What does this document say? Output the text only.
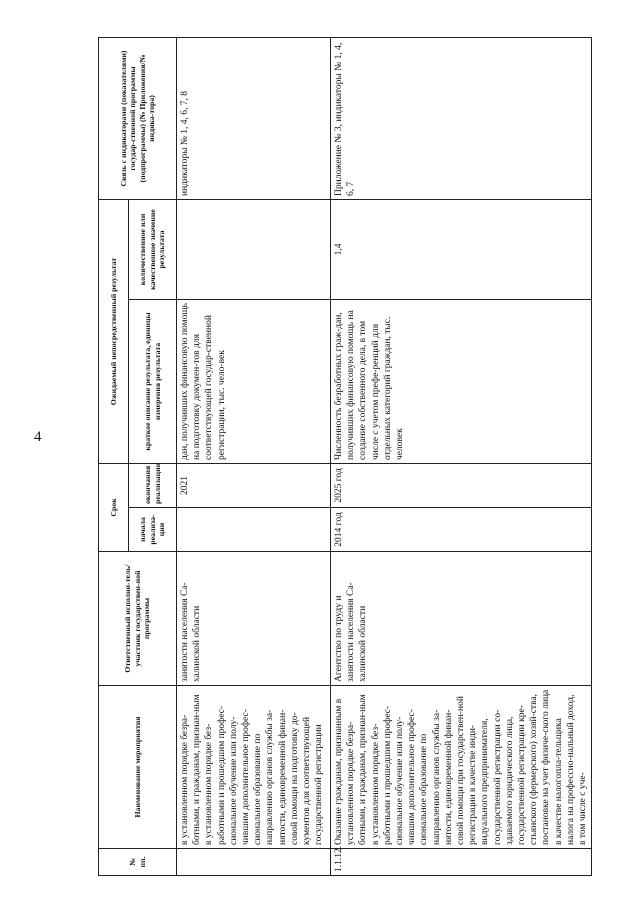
4
№ пп.	Наименование мероприятия	Ответственный исполни-тель/участник государствен-ной программы	Срок		Ожидаемый непосредственный результат		Связь с индикаторами (показателями) государ-ственной программы (подпрограммы) (№ Приложения/№ индика-тора)
			начала реализа-ции	окончания реализации	краткое описание результата, единицы измерения результата	количественное или качественное значение результата	
	в установленном порядке безра-ботными, и гражданам, признан-ным в установленном порядке без-работными и прошедшим профес-сиональное обучение или полу-чившим дополнительное профес-сиональное образование по направлению органов службы за-нятости, единовременной финан-совой помощи на подготовку до-кументов для соответствующей государственной регистрации	занятости населения Са-халинской области		2021	дан, получивших финансовую помощь на подготовку докумен-тов для соответствующей государ-ственной регистрации, тыс. чело-век		индикаторы № 1, 4, 6, 7, 8
1.1.12.	Оказание гражданам, признанным в установленном порядке безра-ботными, и гражданам, признан-ным в установленном порядке без-работными и прошедшим профес-сиональное обучение или полу-чившим дополнительное профес-сиональное образование по направлению органов службы за-нятости, единовременной финан-совой помощи при государствен-ной регистрации в качестве инди-видуального предпринимателя, государственной регистрации со-здаваемого юридического лица, государственной регистрации кре-стьянского (фермерского) хозяй-ства, постановке на учет физиче-ского лица в качестве налогопла-тельщика налога на профессио-нальный доход, в том числе с уче-	Агентство по труду и занятости населения Са-халинской области	2014 год	2025 год	Численность безработных граж-дан, получивших финансовую помощь на создание собственного дела, в том числе с учетом префе-ренций для отдельных категорий граждан, тыс. человек	1,4	Приложение № 3, индикаторы № 1, 4, 6, 7
